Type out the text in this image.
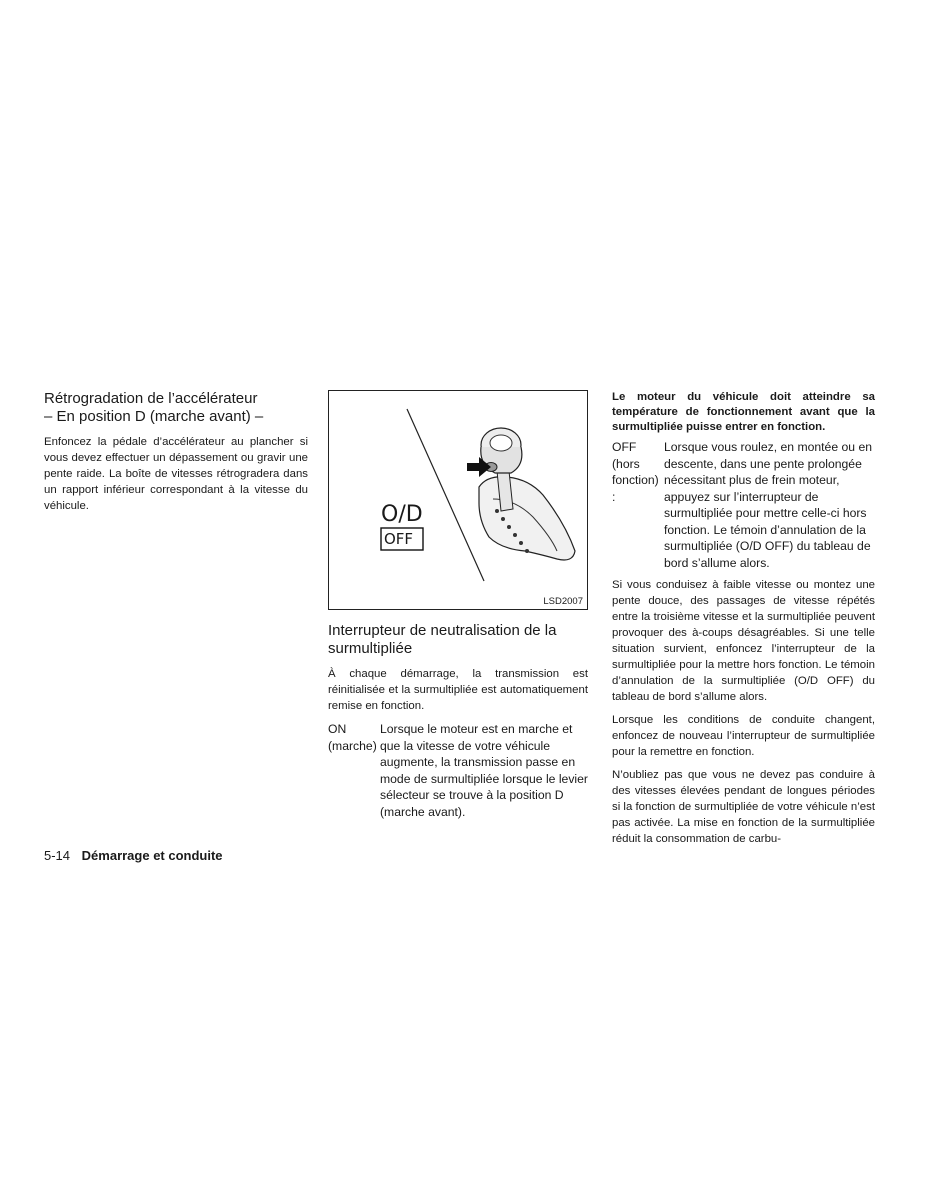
Rétrogradation de l’accélérateur
– En position D (marche avant) –

Enfoncez la pédale d’accélérateur au plancher si vous devez effectuer un dépassement ou gravir une pente raide. La boîte de vitesses rétrogradera dans un rapport inférieur correspondant à la vitesse du véhicule.	O/D
OFF
LSD2007
Interrupteur de neutralisation de la surmultipliée

À chaque démarrage, la transmission est réinitialisée et la surmultipliée est automatiquement remise en fonction.

ON (marche)
Lorsque le moteur est en marche et que la vitesse de votre véhicule augmente, la transmission passe en mode de surmultipliée lorsque le levier sélecteur se trouve à la position D (marche avant).

Le moteur du véhicule doit atteindre sa température de fonctionnement avant que la surmultipliée puisse entrer en fonction.

OFF (hors fonction) :
Lorsque vous roulez, en montée ou en descente, dans une pente prolongée nécessitant plus de frein moteur, appuyez sur l’interrupteur de surmultipliée pour mettre celle-ci hors fonction. Le témoin d’annulation de la surmultipliée (O/D OFF) du tableau de bord s’allume alors.

Si vous conduisez à faible vitesse ou montez une pente douce, des passages de vitesse répétés entre la troisième vitesse et la surmultipliée peuvent provoquer des à-coups désagréables. Si une telle situation survient, enfoncez l’interrupteur de la surmultipliée pour la mettre hors fonction. Le témoin d’annulation de la surmultipliée (O/D OFF) du tableau de bord s’allume alors.

Lorsque les conditions de conduite changent, enfoncez de nouveau l’interrupteur de surmultipliée pour la remettre en fonction.

N’oubliez pas que vous ne devez pas conduire à des vitesses élevées pendant de longues périodes si la fonction de surmultipliée de votre véhicule n’est pas activée. La mise en fonction de la surmultipliée réduit la consommation de carbu-

5-14 Démarrage et conduite
